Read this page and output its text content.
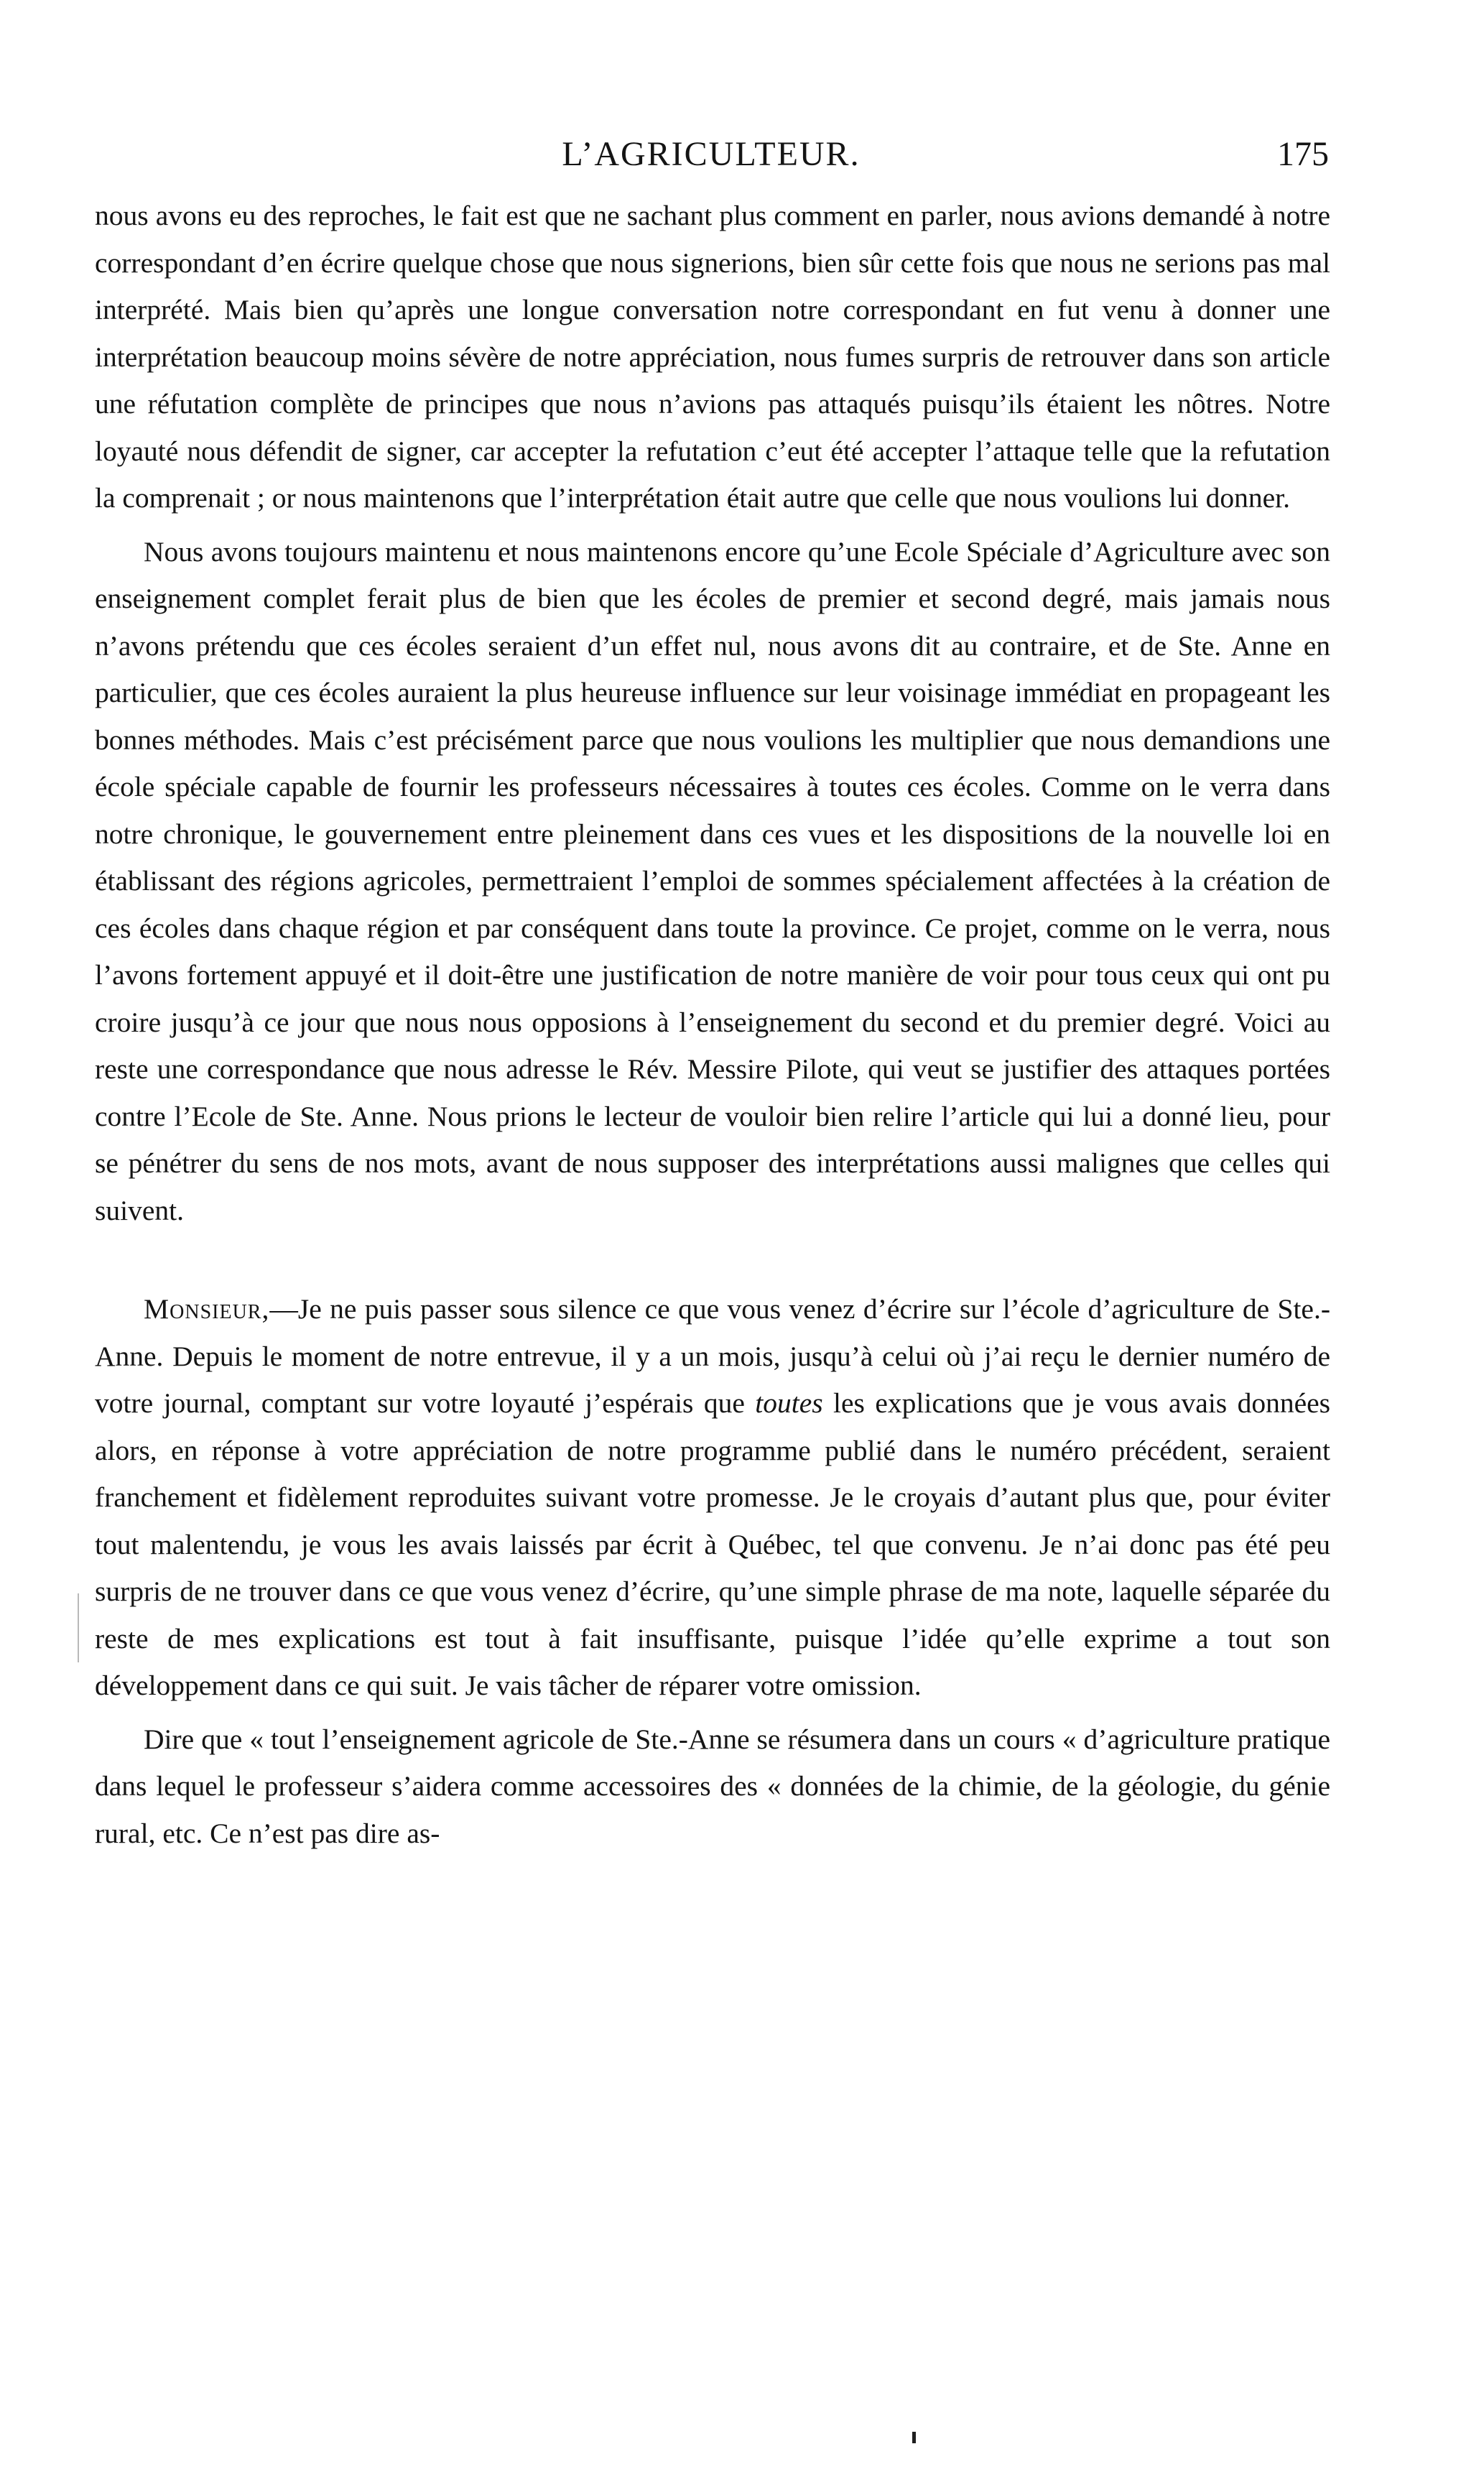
L’AGRICULTEUR.	175

nous avons eu des reproches, le fait est que ne sachant plus comment en parler, nous avions demandé à notre correspondant d’en écrire quelque chose que nous signerions, bien sûr cette fois que nous ne serions pas mal interprété. Mais bien qu’après une longue conversation notre correspondant en fut venu à donner une interprétation beaucoup moins sévère de notre appréciation, nous fumes surpris de retrouver dans son article une réfutation complète de principes que nous n’avions pas attaqués puisqu’ils étaient les nôtres. Notre loyauté nous défendit de signer, car accepter la refutation c’eut été accepter l’attaque telle que la refutation la comprenait ; or nous maintenons que l’interprétation était autre que celle que nous voulions lui donner.

Nous avons toujours maintenu et nous maintenons encore qu’une Ecole Spéciale d’Agriculture avec son enseignement complet ferait plus de bien que les écoles de premier et second degré, mais jamais nous n’avons prétendu que ces écoles seraient d’un effet nul, nous avons dit au contraire, et de Ste. Anne en particulier, que ces écoles auraient la plus heureuse influence sur leur voisinage immédiat en propageant les bonnes méthodes. Mais c’est précisément parce que nous voulions les multiplier que nous demandions une école spéciale capable de fournir les professeurs nécessaires à toutes ces écoles. Comme on le verra dans notre chronique, le gouvernement entre pleinement dans ces vues et les dispositions de la nouvelle loi en établissant des régions agricoles, permettraient l’emploi de sommes spécialement affectées à la création de ces écoles dans chaque région et par conséquent dans toute la province. Ce projet, comme on le verra, nous l’avons fortement appuyé et il doit-être une justification de notre manière de voir pour tous ceux qui ont pu croire jusqu’à ce jour que nous nous opposions à l’enseignement du second et du premier degré. Voici au reste une correspondance que nous adresse le Rév. Messire Pilote, qui veut se justifier des attaques portées contre l’Ecole de Ste. Anne. Nous prions le lecteur de vouloir bien relire l’article qui lui a donné lieu, pour se pénétrer du sens de nos mots, avant de nous supposer des interprétations aussi malignes que celles qui suivent.

Monsieur,—Je ne puis passer sous silence ce que vous venez d’écrire sur l’école d’agriculture de Ste.-Anne. Depuis le moment de notre entrevue, il y a un mois, jusqu’à celui où j’ai reçu le dernier numéro de votre journal, comptant sur votre loyauté j’espérais que toutes les explications que je vous avais données alors, en réponse à votre appréciation de notre programme publié dans le numéro précédent, seraient franchement et fidèlement reproduites suivant votre promesse. Je le croyais d’autant plus que, pour éviter tout malentendu, je vous les avais laissés par écrit à Québec, tel que convenu. Je n’ai donc pas été peu surpris de ne trouver dans ce que vous venez d’écrire, qu’une simple phrase de ma note, laquelle séparée du reste de mes explications est tout à fait insuffisante, puisque l’idée qu’elle exprime a tout son développement dans ce qui suit. Je vais tâcher de réparer votre omission.

Dire que « tout l’enseignement agricole de Ste.-Anne se résumera dans un cours « d’agriculture pratique dans lequel le professeur s’aidera comme accessoires des « données de la chimie, de la géologie, du génie rural, etc. Ce n’est pas dire as-
